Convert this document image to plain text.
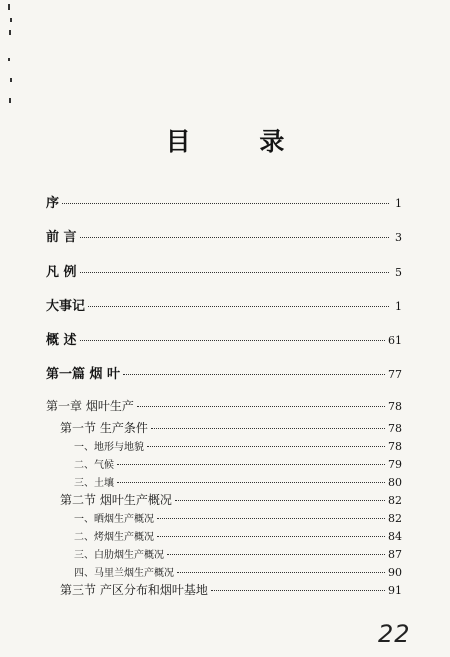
目 录
序	1
前 言	3
凡 例	5
大事记	1
概 述	61
第一篇 烟 叶	77
第一章 烟叶生产	78
第一节 生产条件	78
一、地形与地貌	78
二、气候	79
三、土壤	80
第二节 烟叶生产概况	82
一、晒烟生产概况	82
二、烤烟生产概况	84
三、白肋烟生产概况	87
四、马里兰烟生产概况	90
第三节 产区分布和烟叶基地	91
22
